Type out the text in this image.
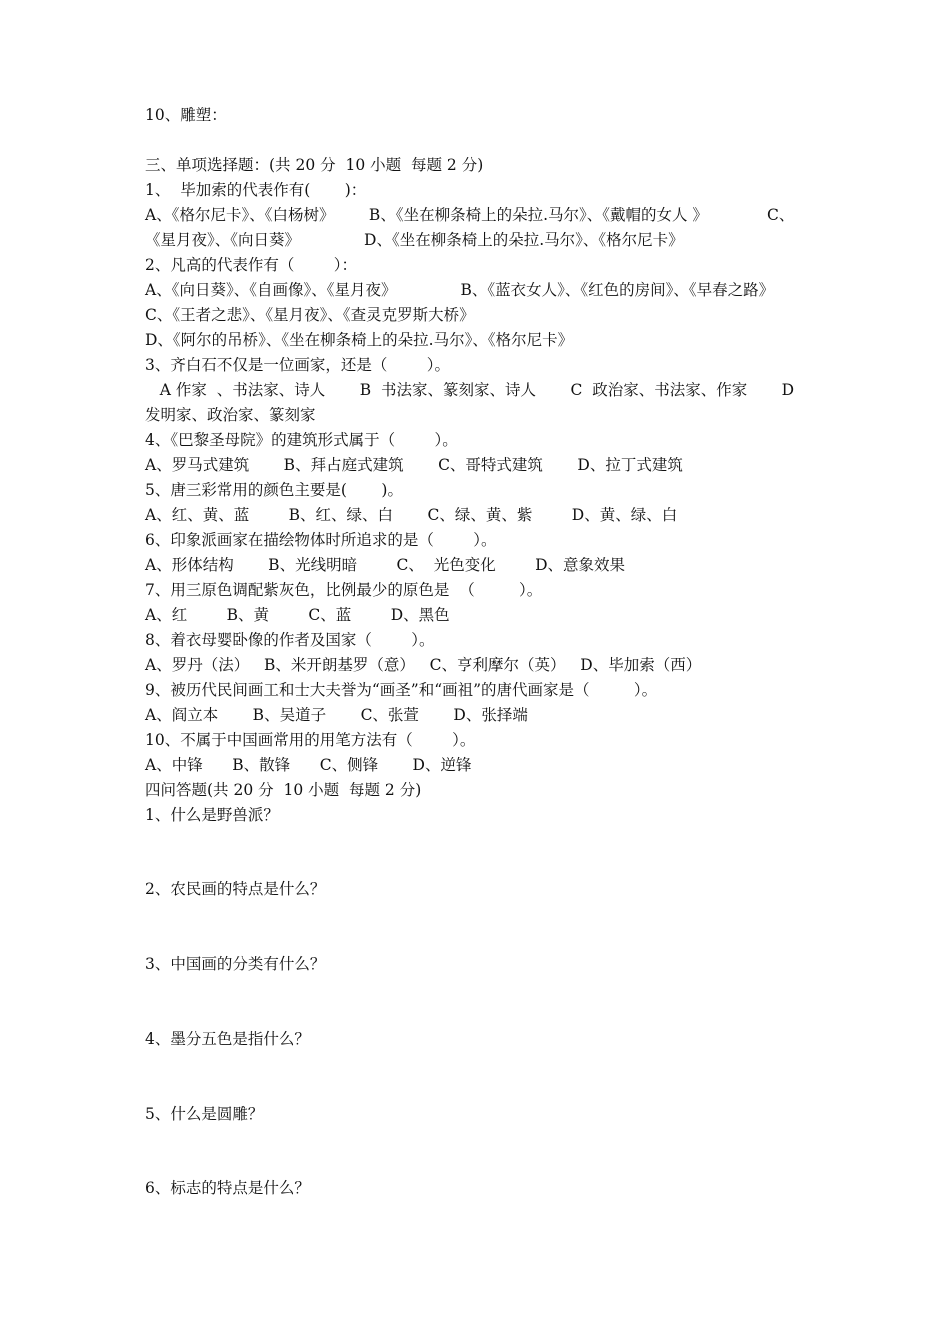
10、雕塑：

三、单项选择题：(共 20 分  10 小题  每题 2 分)

1、  毕加索的代表作有(       )：

A、《格尔尼卡》、《白杨树》       B、《坐在柳条椅上的朵拉.马尔》、《戴帽的女人 》            C、

《星月夜》、《向日葵》             D、《坐在柳条椅上的朵拉.马尔》、《格尔尼卡》

2、凡高的代表作有（        ）：

A、《向日葵》、《自画像》、《星月夜》             B、《蓝衣女人》、《红色的房间》、《早春之路》

C、《王者之悲》、《星月夜》、《查灵克罗斯大桥》

D、《阿尔的吊桥》、《坐在柳条椅上的朵拉.马尔》、《格尔尼卡》

3、齐白石不仅是一位画家，还是（        ）。

A 作家  、书法家、诗人       B  书法家、篆刻家、诗人       C  政治家、书法家、作家       D

发明家、政治家、篆刻家

4、《巴黎圣母院》的建筑形式属于（        ）。

A、罗马式建筑       B、拜占庭式建筑       C、哥特式建筑       D、拉丁式建筑

5、唐三彩常用的颜色主要是(       )。

A、红、黄、蓝        B、红、绿、白       C、绿、黄、紫        D、黄、绿、白

6、印象派画家在描绘物体时所追求的是（        ）。

A、形体结构       B、光线明暗        C、  光色变化        D、意象效果

7、用三原色调配紫灰色，比例最少的原色是  （         ）。

A、红        B、黄        C、蓝        D、黑色

8、着衣母婴卧像的作者及国家（        ）。

A、罗丹（法）   B、米开朗基罗（意）   C、亨利摩尔（英）   D、毕加索（西）

9、被历代民间画工和士大夫誉为“画圣”和“画祖”的唐代画家是（         ）。

A、阎立本       B、吴道子       C、张萱       D、张择端

10、不属于中国画常用的用笔方法有（        ）。

A、中锋      B、散锋      C、侧锋       D、逆锋

四问答题(共 20 分  10 小题  每题 2 分)

1、什么是野兽派？

2、农民画的特点是什么？

3、中国画的分类有什么？

4、墨分五色是指什么？

5、什么是圆雕？

6、标志的特点是什么？
